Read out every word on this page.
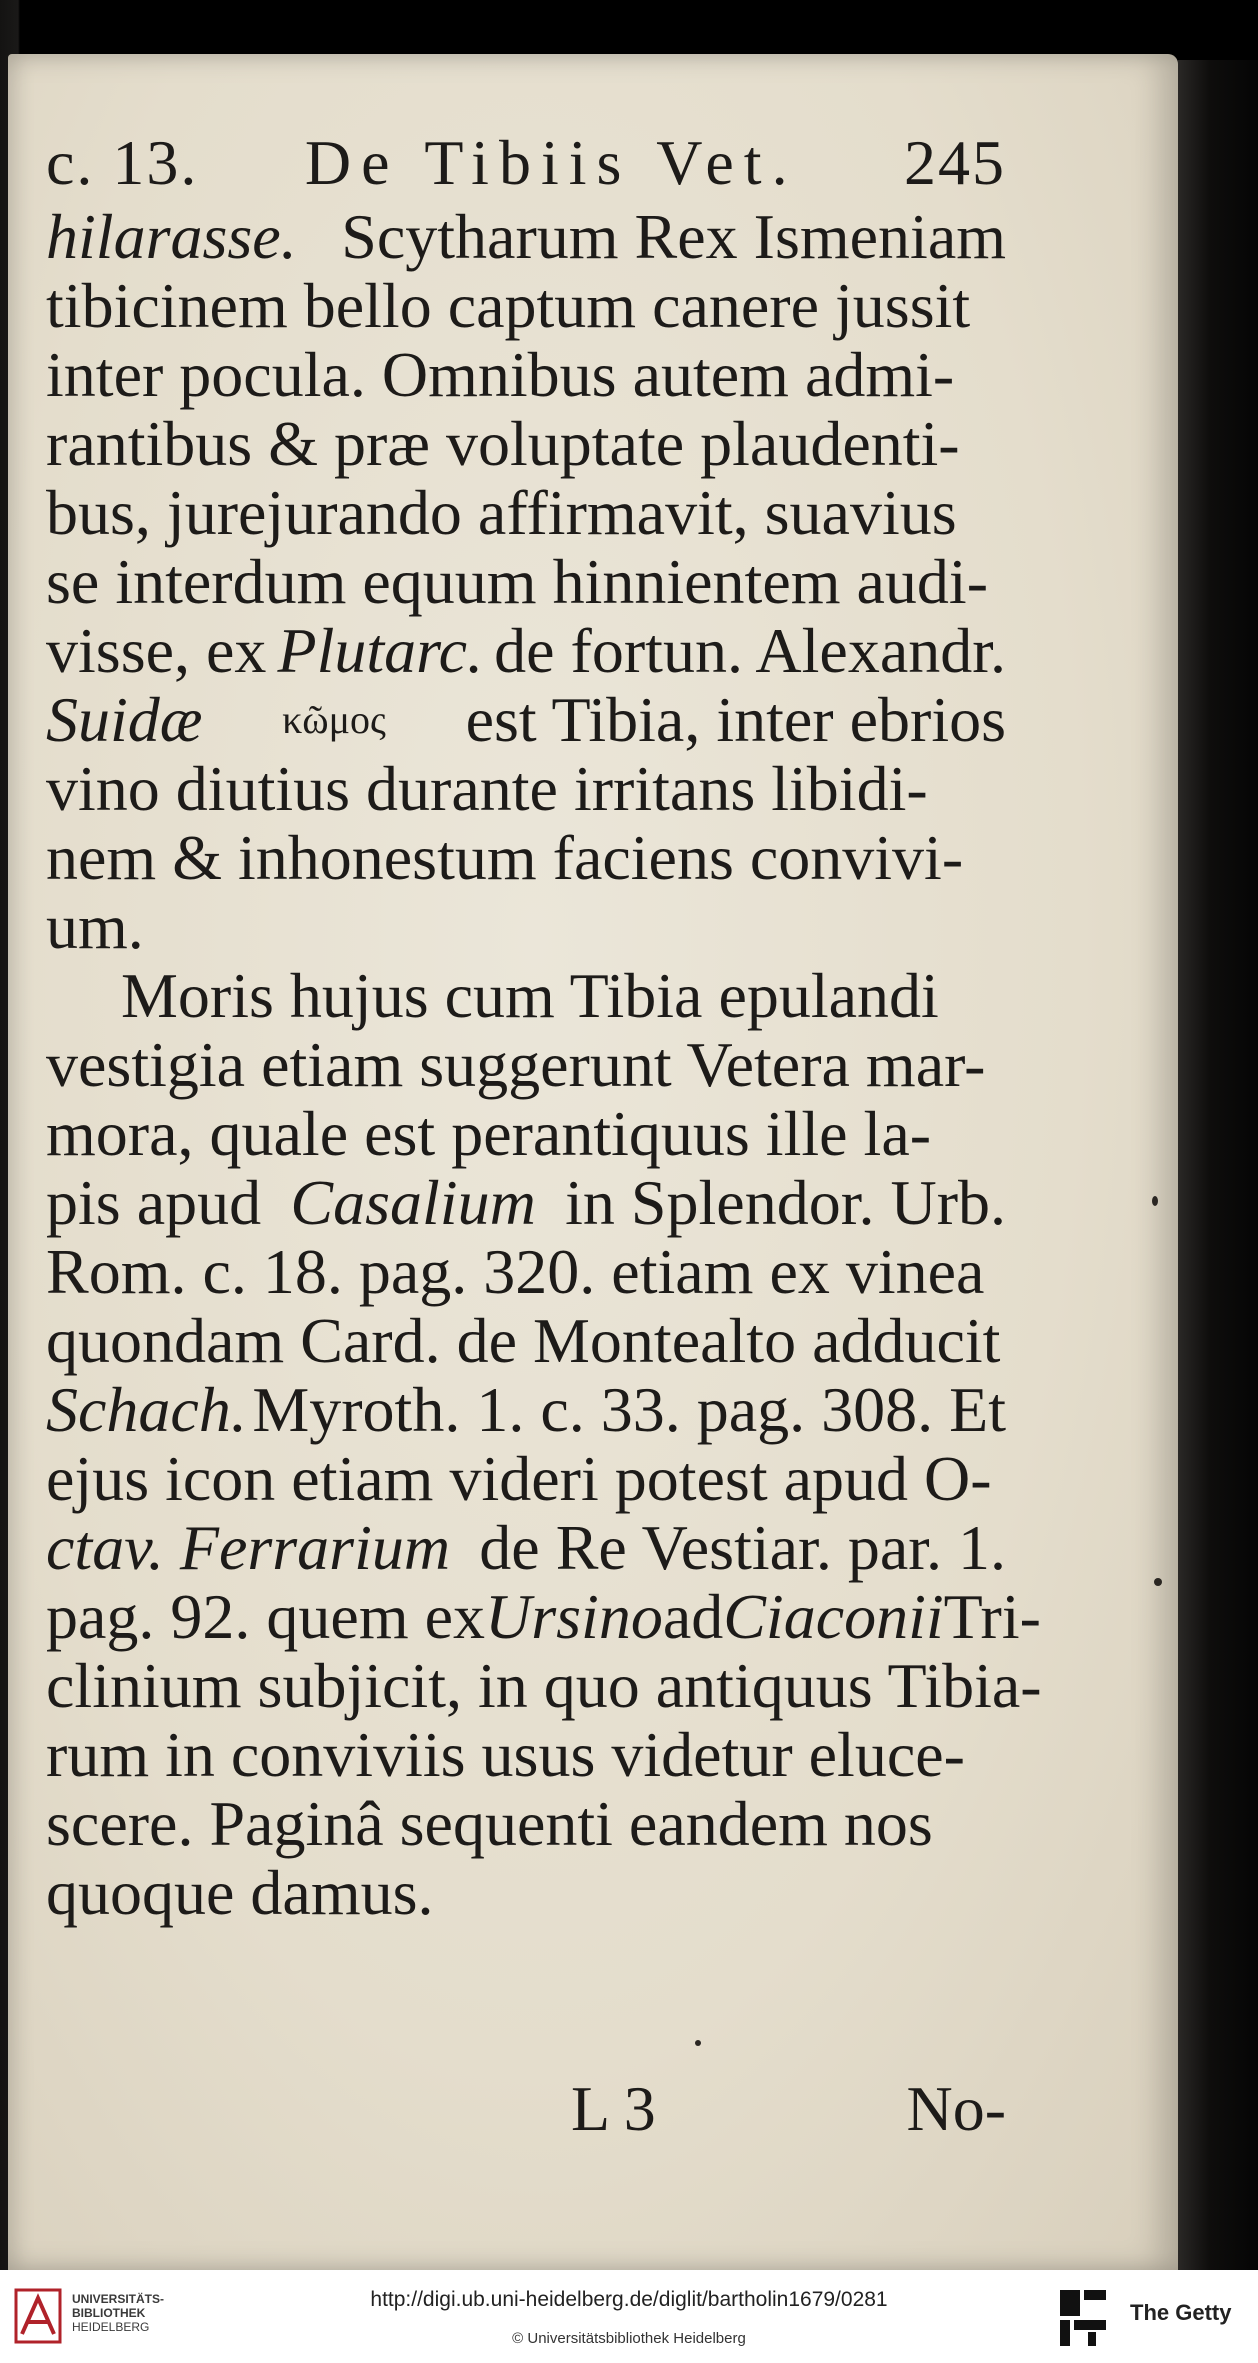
c. 13. De Tibiis Vet. 245
hilarasse. Scytharum Rex Ismeniam
tibicinem bello captum canere jussit
inter pocula. Omnibus autem admi-
rantibus & præ voluptate plaudenti-
bus, jurejurando affirmavit, suavius
se interdum equum hinnientem audi-
visse, ex Plutarc. de fortun. Alexandr.
Suidæ κῶμος est Tibia, inter ebrios
vino diutius durante irritans libidi-
nem & inhonestum faciens convivi-
um.
Moris hujus cum Tibia epulandi
vestigia etiam suggerunt Vetera mar-
mora, quale est perantiquus ille la-
pis apud Casalium in Splendor. Urb.
Rom. c. 18. pag. 320. etiam ex vinea
quondam Card. de Montealto adducit
Schach. Myroth. 1. c. 33. pag. 308. Et
ejus icon etiam videri potest apud O-
ctav. Ferrarium de Re Vestiar. par. 1.
pag. 92. quem ex Ursino ad Ciaconii Tri-
clinium subjicit, in quo antiquus Tibia-
rum in conviviis usus videtur eluce-
scere. Paginâ sequenti eandem nos
quoque damus.
L 3	No-
UNIVERSITÄTS-
BIBLIOTHEK
HEIDELBERG
http://digi.ub.uni-heidelberg.de/diglit/bartholin1679/0281
© Universitätsbibliothek Heidelberg
The Getty
